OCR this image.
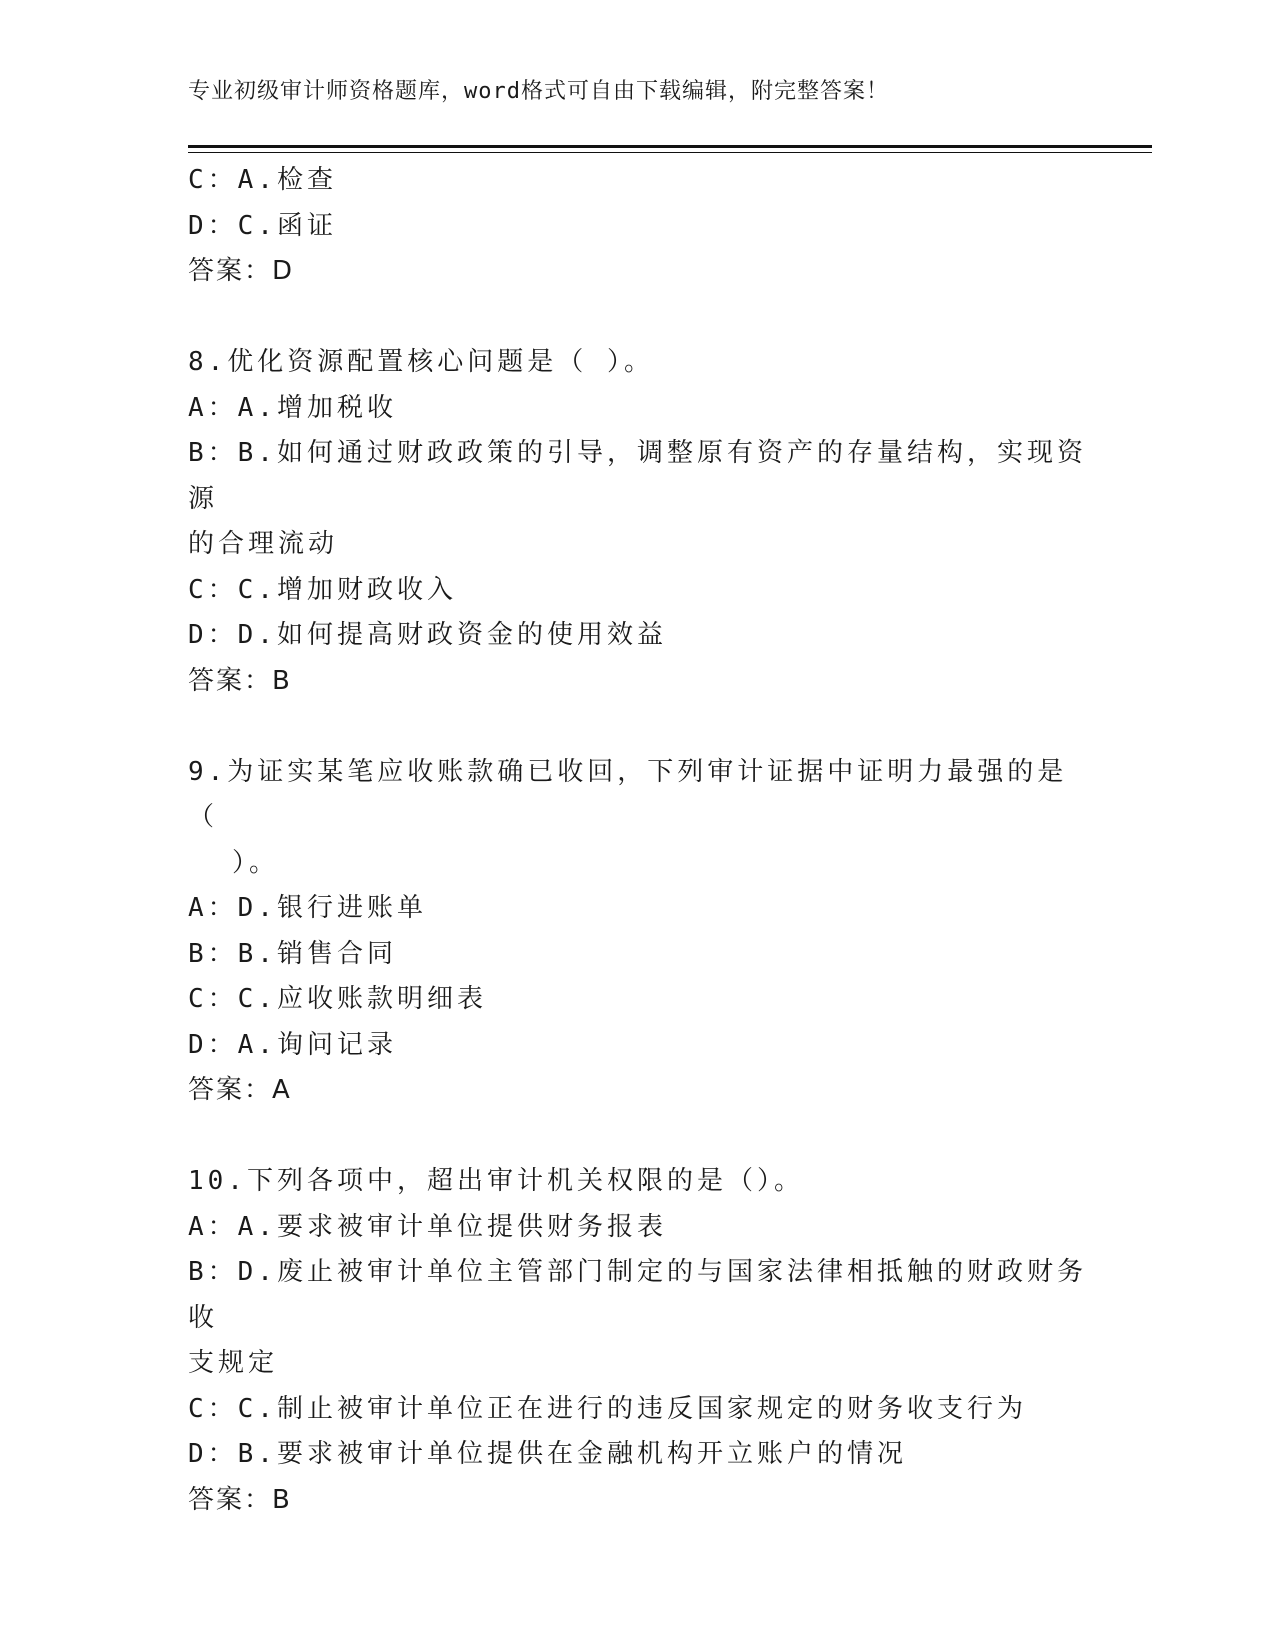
专业初级审计师资格题库，word格式可自由下载编辑，附完整答案！

C：A.检查

D：C.函证

答案：D

8.优化资源配置核心问题是（ ）。

A：A.增加税收

B：B.如何通过财政政策的引导，调整原有资产的存量结构，实现资源

的合理流动

C：C.增加财政收入

D：D.如何提高财政资金的使用效益

答案：B

9.为证实某笔应收账款确已收回，下列审计证据中证明力最强的是（

）。

A：D.银行进账单

B：B.销售合同

C：C.应收账款明细表

D：A.询问记录

答案：A

10.下列各项中，超出审计机关权限的是（）。

A：A.要求被审计单位提供财务报表

B：D.废止被审计单位主管部门制定的与国家法律相抵触的财政财务收

支规定

C：C.制止被审计单位正在进行的违反国家规定的财务收支行为

D：B.要求被审计单位提供在金融机构开立账户的情况

答案：B
